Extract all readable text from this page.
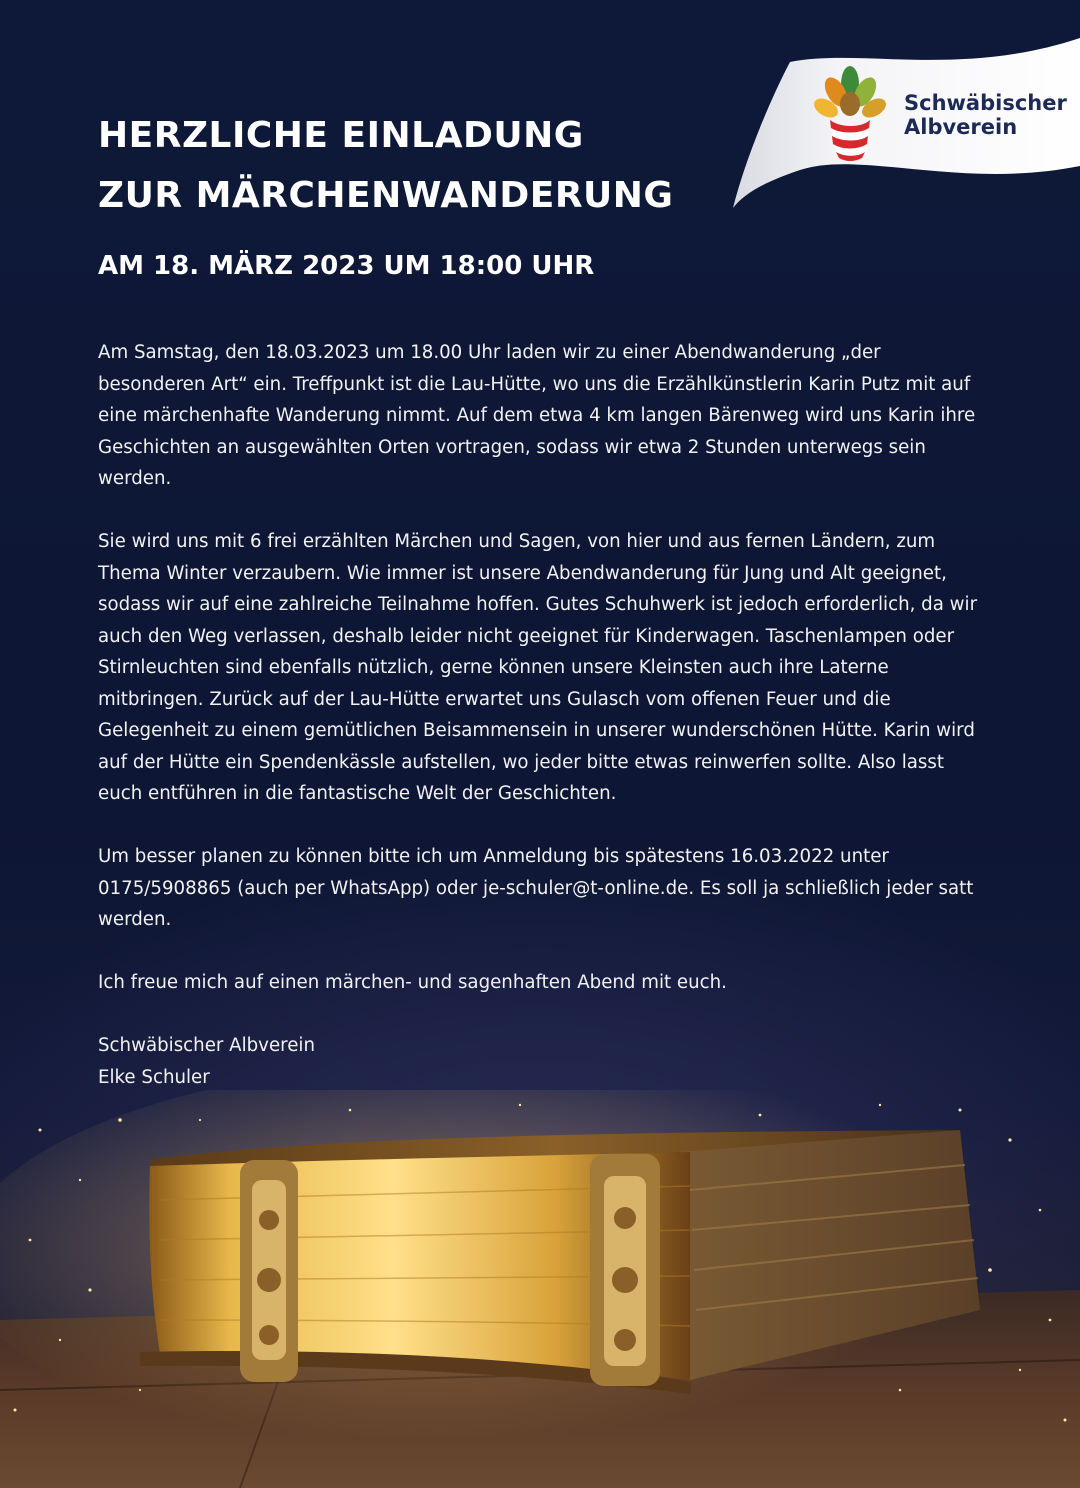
Schwäbischer
Albverein
HERZLICHE EINLADUNG
ZUR MÄRCHENWANDERUNG
AM 18. MÄRZ 2023 UM 18:00 UHR

Am Samstag, den 18.03.2023 um 18.00 Uhr laden wir zu einer Abendwanderung „der besonderen Art“ ein. Treffpunkt ist die Lau-Hütte, wo uns die Erzählkünstlerin Karin Putz mit auf eine märchenhafte Wanderung nimmt. Auf dem etwa 4 km langen Bärenweg wird uns Karin ihre Geschichten an ausgewählten Orten vortragen, sodass wir etwa 2 Stunden unterwegs sein werden.

Sie wird uns mit 6 frei erzählten Märchen und Sagen, von hier und aus fernen Ländern, zum Thema Winter verzaubern. Wie immer ist unsere Abendwanderung für Jung und Alt geeignet, sodass wir auf eine zahlreiche Teilnahme hoffen. Gutes Schuhwerk ist jedoch erforderlich, da wir auch den Weg verlassen, deshalb leider nicht geeignet für Kinderwagen. Taschenlampen oder Stirnleuchten sind ebenfalls nützlich, gerne können unsere Kleinsten auch ihre Laterne mitbringen. Zurück auf der Lau-Hütte erwartet uns Gulasch vom offenen Feuer und die Gelegenheit zu einem gemütlichen Beisammensein in unserer wunderschönen Hütte. Karin wird auf der Hütte ein Spendenkässle aufstellen, wo jeder bitte etwas reinwerfen sollte. Also lasst euch entführen in die fantastische Welt der Geschichten.

Um besser planen zu können bitte ich um Anmeldung bis spätestens 16.03.2022 unter 0175/5908865 (auch per WhatsApp) oder je-schuler@t-online.de. Es soll ja schließlich jeder satt werden.

Ich freue mich auf einen märchen- und sagenhaften Abend mit euch.

Schwäbischer Albverein

Elke Schuler
